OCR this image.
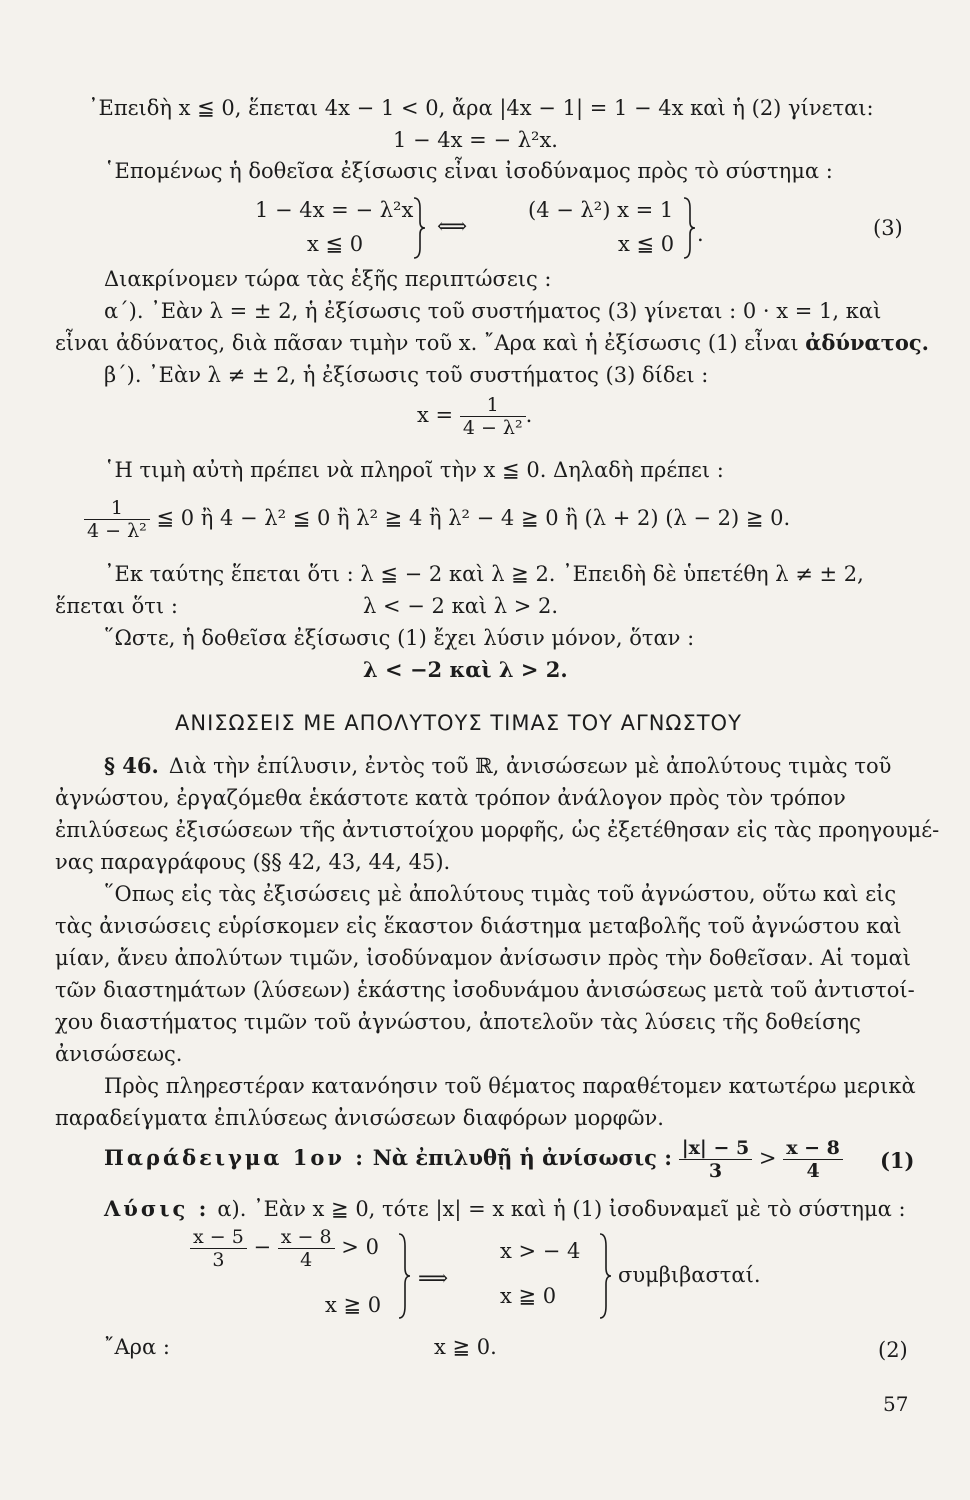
᾽Επειδὴ x ≦ 0, ἕπεται 4x − 1 < 0, ἄρα |4x − 1| = 1 − 4x καὶ ἡ (2) γίνεται:
1 − 4x = − λ²x.
῾Επομένως ἡ δοθεῖσα ἐξίσωσις εἶναι ἰσοδύναμος πρὸς τὸ σύστημα :
1 − 4x = − λ²x
x ≦ 0
⟺
(4 − λ²) x = 1
x ≦ 0 .	(3)
Διακρίνομεν τώρα τὰς ἑξῆς περιπτώσεις :
α΄). ᾽Εὰν λ = ± 2, ἡ ἐξίσωσις τοῦ συστήματος (3) γίνεται : 0 · x = 1, καὶ
εἶναι ἀδύνατος, διὰ πᾶσαν τιμὴν τοῦ x. ῎Αρα καὶ ἡ ἐξίσωσις (1) εἶναι ἀδύνατος.
β΄). ᾽Εὰν λ ≠ ± 2, ἡ ἐξίσωσις τοῦ συστήματος (3) δίδει :
$x = \frac{1}{\text{4 − λ²}}$ .
῾Η τιμὴ αὐτὴ πρέπει νὰ πληροῖ τὴν x ≦ 0. Δηλαδὴ πρέπει :
$\frac{1}{\text{4 − λ²}}$ ≦ 0 ἢ 4 − λ² ≦ 0 ἢ λ² ≧ 4 ἢ λ² − 4 ≧ 0 ἢ (λ + 2) (λ − 2) ≧ 0.
᾽Εκ ταύτης ἕπεται ὅτι : λ ≦ − 2 καὶ λ ≧ 2. ᾽Επειδὴ δὲ ὑπετέθη λ ≠ ± 2,
ἕπεται ὅτι :	λ < − 2 καὶ λ > 2.
῞Ωστε, ἡ δοθεῖσα ἐξίσωσις (1) ἔχει λύσιν μόνον, ὅταν :
λ < −2 καὶ λ > 2.
ΑΝΙΣΩΣΕΙΣ ΜΕ ΑΠΟΛΥΤΟΥΣ ΤΙΜΑΣ ΤΟΥ ΑΓΝΩΣΤΟΥ
§ 46. Διὰ τὴν ἐπίλυσιν, ἐντὸς τοῦ ℝ, ἀνισώσεων μὲ ἀπολύτους τιμὰς τοῦ
ἀγνώστου, ἐργαζόμεθα ἑκάστοτε κατὰ τρόπον ἀνάλογον πρὸς τὸν τρόπον
ἐπιλύσεως ἐξισώσεων τῆς ἀντιστοίχου μορφῆς, ὡς ἐξετέθησαν εἰς τὰς προηγουμέ-
νας παραγράφους (§§ 42, 43, 44, 45).
῞Οπως εἰς τὰς ἐξισώσεις μὲ ἀπολύτους τιμὰς τοῦ ἀγνώστου, οὕτω καὶ εἰς
τὰς ἀνισώσεις εὑρίσκομεν εἰς ἕκαστον διάστημα μεταβολῆς τοῦ ἀγνώστου καὶ
μίαν, ἄνευ ἀπολύτων τιμῶν, ἰσοδύναμον ἀνίσωσιν πρὸς τὴν δοθεῖσαν. Αἱ τομαὶ
τῶν διαστημάτων (λύσεων) ἑκάστης ἰσοδυνάμου ἀνισώσεως μετὰ τοῦ ἀντιστοί-
χου διαστήματος τιμῶν τοῦ ἀγνώστου, ἀποτελοῦν τὰς λύσεις τῆς δοθείσης
ἀνισώσεως.
Πρὸς πληρεστέραν κατανόησιν τοῦ θέματος παραθέτομεν κατωτέρω μερικὰ
παραδείγματα ἐπιλύσεως ἀνισώσεων διαφόρων μορφῶν.
Παράδειγμα 1ον : Νὰ ἐπιλυθῇ ἡ ἀνίσωσις : $\frac{|x| - 5}{3} > \frac{x - 8}{4} (1)$
Λύσις : α). ᾽Εὰν x ≧ 0, τότε |x| = x καὶ ἡ (1) ἰσοδυναμεῖ μὲ τὸ σύστημα :
$\frac{x - 5}{3} - \frac{x - 8}{4} > 0$
x ≧ 0
⟹
x > − 4
x ≧ 0
συμβιβασταί.
῎Αρα :	x ≧ 0.	(2)
57
